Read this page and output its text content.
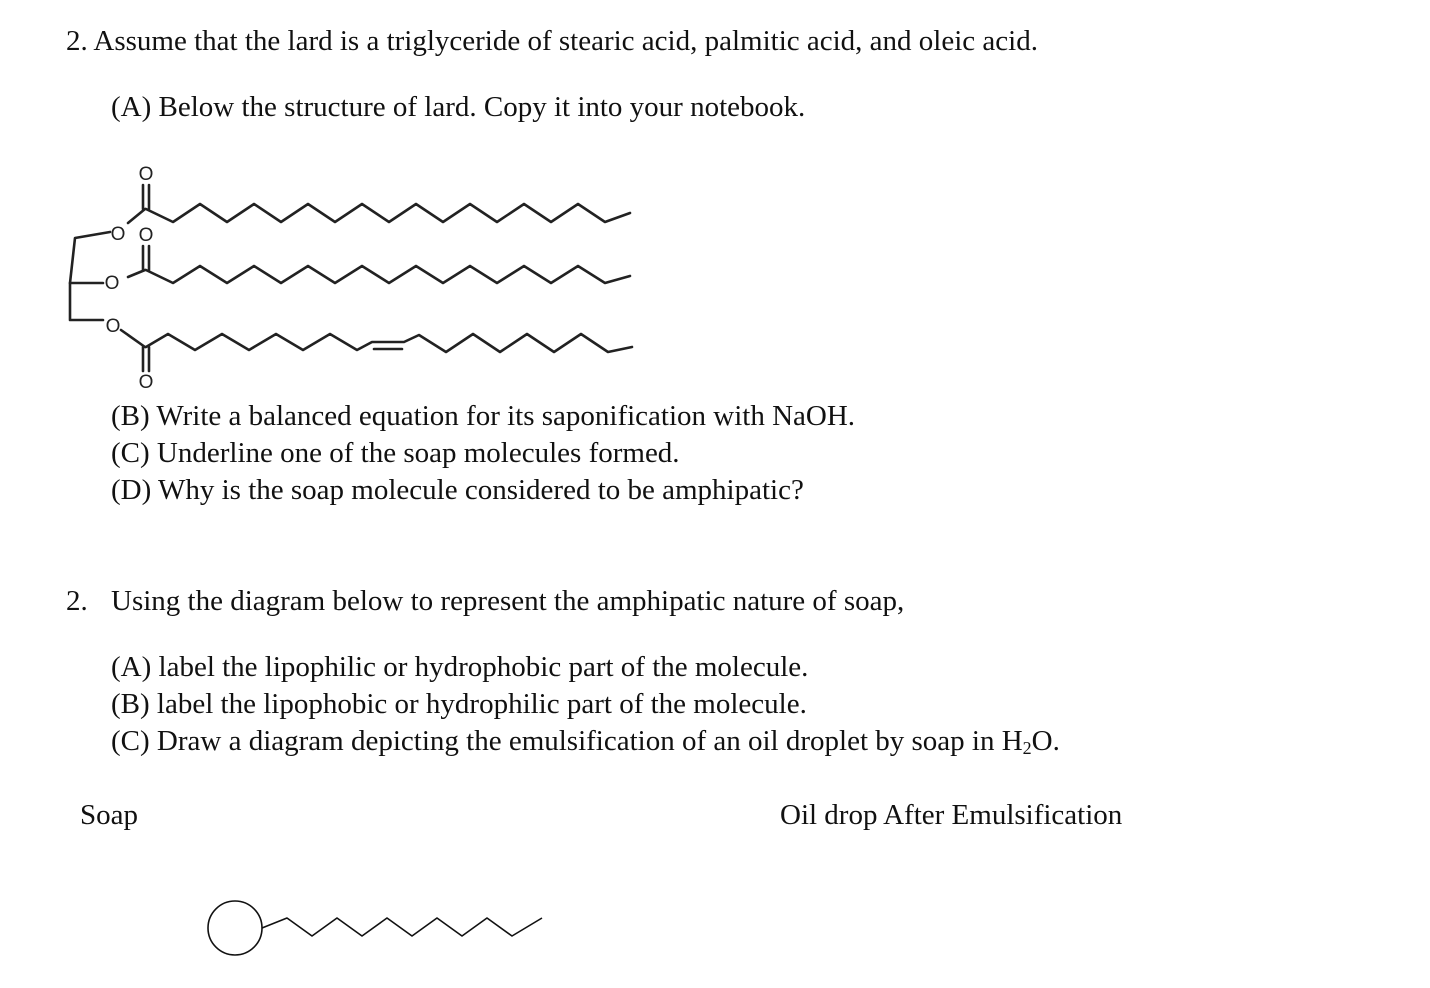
2. Assume that the lard is a triglyceride of stearic acid, palmitic acid, and oleic acid.
(A) Below the structure of lard. Copy it into your notebook.
O
O O
O
O
O
(B) Write a balanced equation for its saponification with NaOH.
(C) Underline one of the soap molecules formed.
(D) Why is the soap molecule considered to be amphipatic?
2. Using the diagram below to represent the amphipatic nature of soap,
(A) label the lipophilic or hydrophobic part of the molecule.
(B) label the lipophobic or hydrophilic part of the molecule.
(C) Draw a diagram depicting the emulsification of an oil droplet by soap in $H_2O$.
Soap	Oil drop After Emulsification
